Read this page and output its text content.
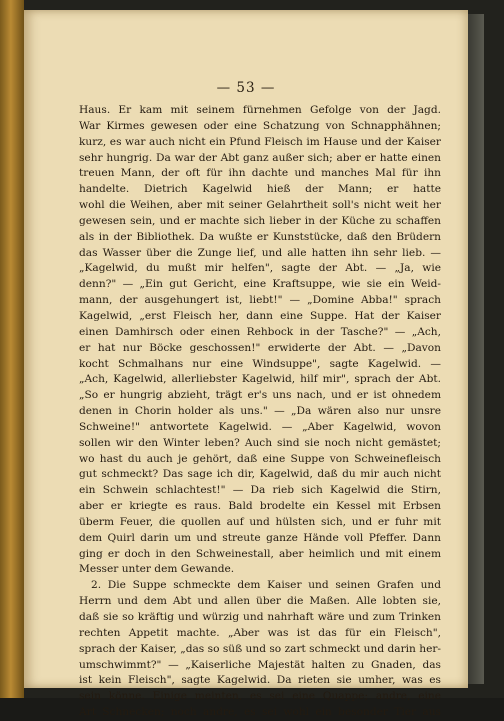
— 53 —
Haus. Er kam mit seinem fürnehmen Gefolge von der Jagd.
War Kirmes gewesen oder eine Schatzung von Schnapphähnen;
kurz, es war auch nicht ein Pfund Fleisch im Hause und der Kaiser
sehr hungrig. Da war der Abt ganz außer sich; aber er hatte einen
treuen Mann, der oft für ihn dachte und manches Mal für ihn
handelte. Dietrich Kagelwid hieß der Mann; er hatte
wohl die Weihen, aber mit seiner Gelahrtheit soll's nicht weit her
gewesen sein, und er machte sich lieber in der Küche zu schaffen
als in der Bibliothek. Da wußte er Kunststücke, daß den Brüdern
das Wasser über die Zunge lief, und alle hatten ihn sehr lieb. —
„Kagelwid, du mußt mir helfen", sagte der Abt. — „Ja, wie
denn?" — „Ein gut Gericht, eine Kraftsuppe, wie sie ein Weid-
mann, der ausgehungert ist, liebt!" — „Domine Abba!" sprach
Kagelwid, „erst Fleisch her, dann eine Suppe. Hat der Kaiser
einen Damhirsch oder einen Rehbock in der Tasche?" — „Ach,
er hat nur Böcke geschossen!" erwiderte der Abt. — „Davon
kocht Schmalhans nur eine Windsuppe", sagte Kagelwid. —
„Ach, Kagelwid, allerliebster Kagelwid, hilf mir", sprach der Abt.
„So er hungrig abzieht, trägt er's uns nach, und er ist ohnedem
denen in Chorin holder als uns." — „Da wären also nur unsre
Schweine!" antwortete Kagelwid. — „Aber Kagelwid, wovon
sollen wir den Winter leben? Auch sind sie noch nicht gemästet;
wo hast du auch je gehört, daß eine Suppe von Schweinefleisch
gut schmeckt? Das sage ich dir, Kagelwid, daß du mir auch nicht
ein Schwein schlachtest!" — Da rieb sich Kagelwid die Stirn,
aber er kriegte es raus. Bald brodelte ein Kessel mit Erbsen
überm Feuer, die quollen auf und hülsten sich, und er fuhr mit
dem Quirl darin um und streute ganze Hände voll Pfeffer. Dann
ging er doch in den Schweinestall, aber heimlich und mit einem
Messer unter dem Gewande.
2. Die Suppe schmeckte dem Kaiser und seinen Grafen und
Herrn und dem Abt und allen über die Maßen. Alle lobten sie,
daß sie so kräftig und würzig und nahrhaft wäre und zum Trinken
rechten Appetit machte. „Aber was ist das für ein Fleisch",
sprach der Kaiser, „das so süß und so zart schmeckt und darin her-
umschwimmt?" — „Kaiserliche Majestät halten zu Gnaden, das
ist kein Fleisch", sagte Kagelwid. Da rieten sie umher, was es
sein könne. Einige meinten, es sei eine Quappe; andre, eine
Art Schnecken; noch andre, es sei wohl ein besonder Tier aus
